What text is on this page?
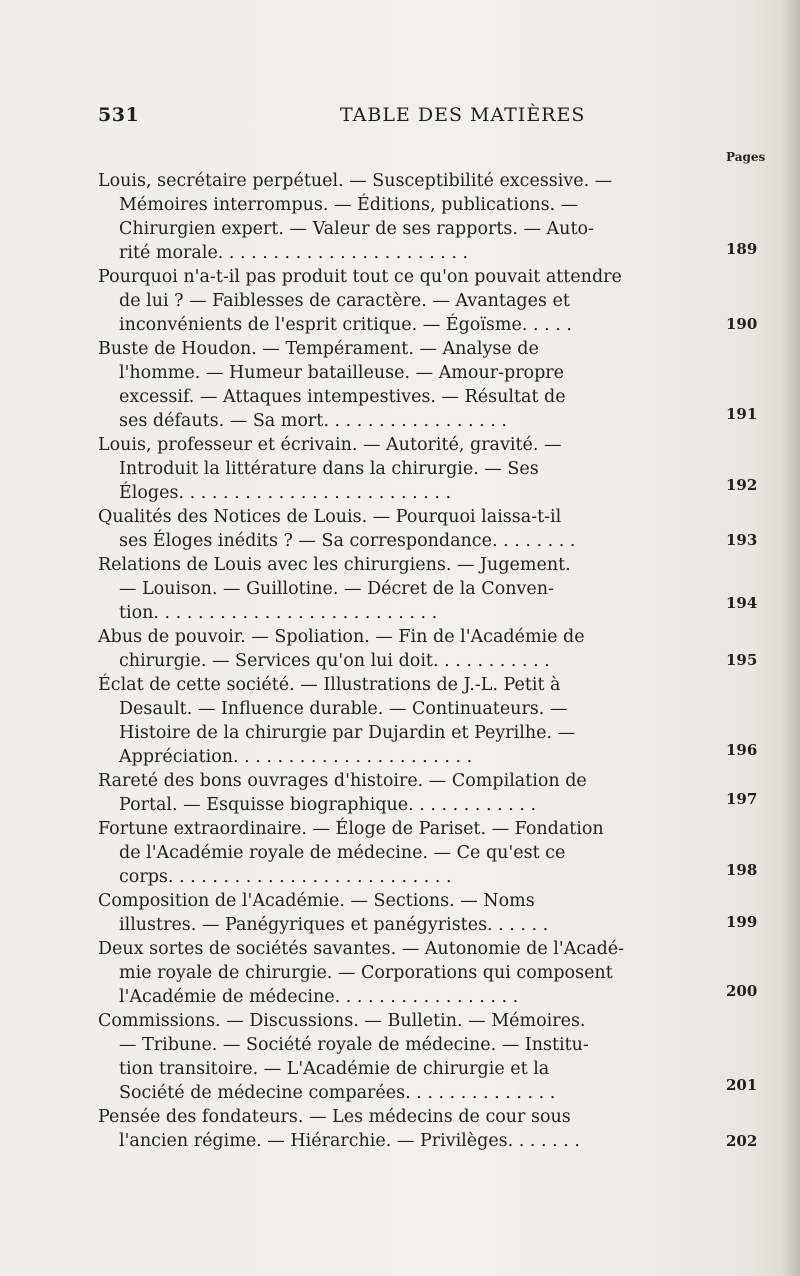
531	TABLE DES MATIÈRES
Pages
Louis, secrétaire perpétuel. — Susceptibilité excessive. —
Mémoires interrompus. — Éditions, publications. —
Chirurgien expert. — Valeur de ses rapports. — Auto-
rité morale. . . . . . . . . . . . . . . . . . . . . . .	189
Pourquoi n'a-t-il pas produit tout ce qu'on pouvait attendre
de lui ? — Faiblesses de caractère. — Avantages et
inconvénients de l'esprit critique. — Égoïsme. . . . .	190
Buste de Houdon. — Tempérament. — Analyse de
l'homme. — Humeur batailleuse. — Amour-propre
excessif. — Attaques intempestives. — Résultat de
ses défauts. — Sa mort. . . . . . . . . . . . . . . . .	191
Louis, professeur et écrivain. — Autorité, gravité. —
Introduit la littérature dans la chirurgie. — Ses
Éloges. . . . . . . . . . . . . . . . . . . . . . . . .	192
Qualités des Notices de Louis. — Pourquoi laissa-t-il
ses Éloges inédits ? — Sa correspondance. . . . . . . .	193
Relations de Louis avec les chirurgiens. — Jugement.
— Louison. — Guillotine. — Décret de la Conven-
tion. . . . . . . . . . . . . . . . . . . . . . . . . .	194
Abus de pouvoir. — Spoliation. — Fin de l'Académie de
chirurgie. — Services qu'on lui doit. . . . . . . . . . .	195
Éclat de cette société. — Illustrations de J.-L. Petit à
Desault. — Influence durable. — Continuateurs. —
Histoire de la chirurgie par Dujardin et Peyrilhe. —
Appréciation. . . . . . . . . . . . . . . . . . . . . .	196
Rareté des bons ouvrages d'histoire. — Compilation de
Portal. — Esquisse biographique. . . . . . . . . . . .	197
Fortune extraordinaire. — Éloge de Pariset. — Fondation
de l'Académie royale de médecine. — Ce qu'est ce
corps. . . . . . . . . . . . . . . . . . . . . . . . . .	198
Composition de l'Académie. — Sections. — Noms
illustres. — Panégyriques et panégyristes. . . . . .	199
Deux sortes de sociétés savantes. — Autonomie de l'Acadé-
mie royale de chirurgie. — Corporations qui composent
l'Académie de médecine. . . . . . . . . . . . . . . . .	200
Commissions. — Discussions. — Bulletin. — Mémoires.
— Tribune. — Société royale de médecine. — Institu-
tion transitoire. — L'Académie de chirurgie et la
Société de médecine comparées. . . . . . . . . . . . . .	201
Pensée des fondateurs. — Les médecins de cour sous
l'ancien régime. — Hiérarchie. — Privilèges. . . . . . .	202
